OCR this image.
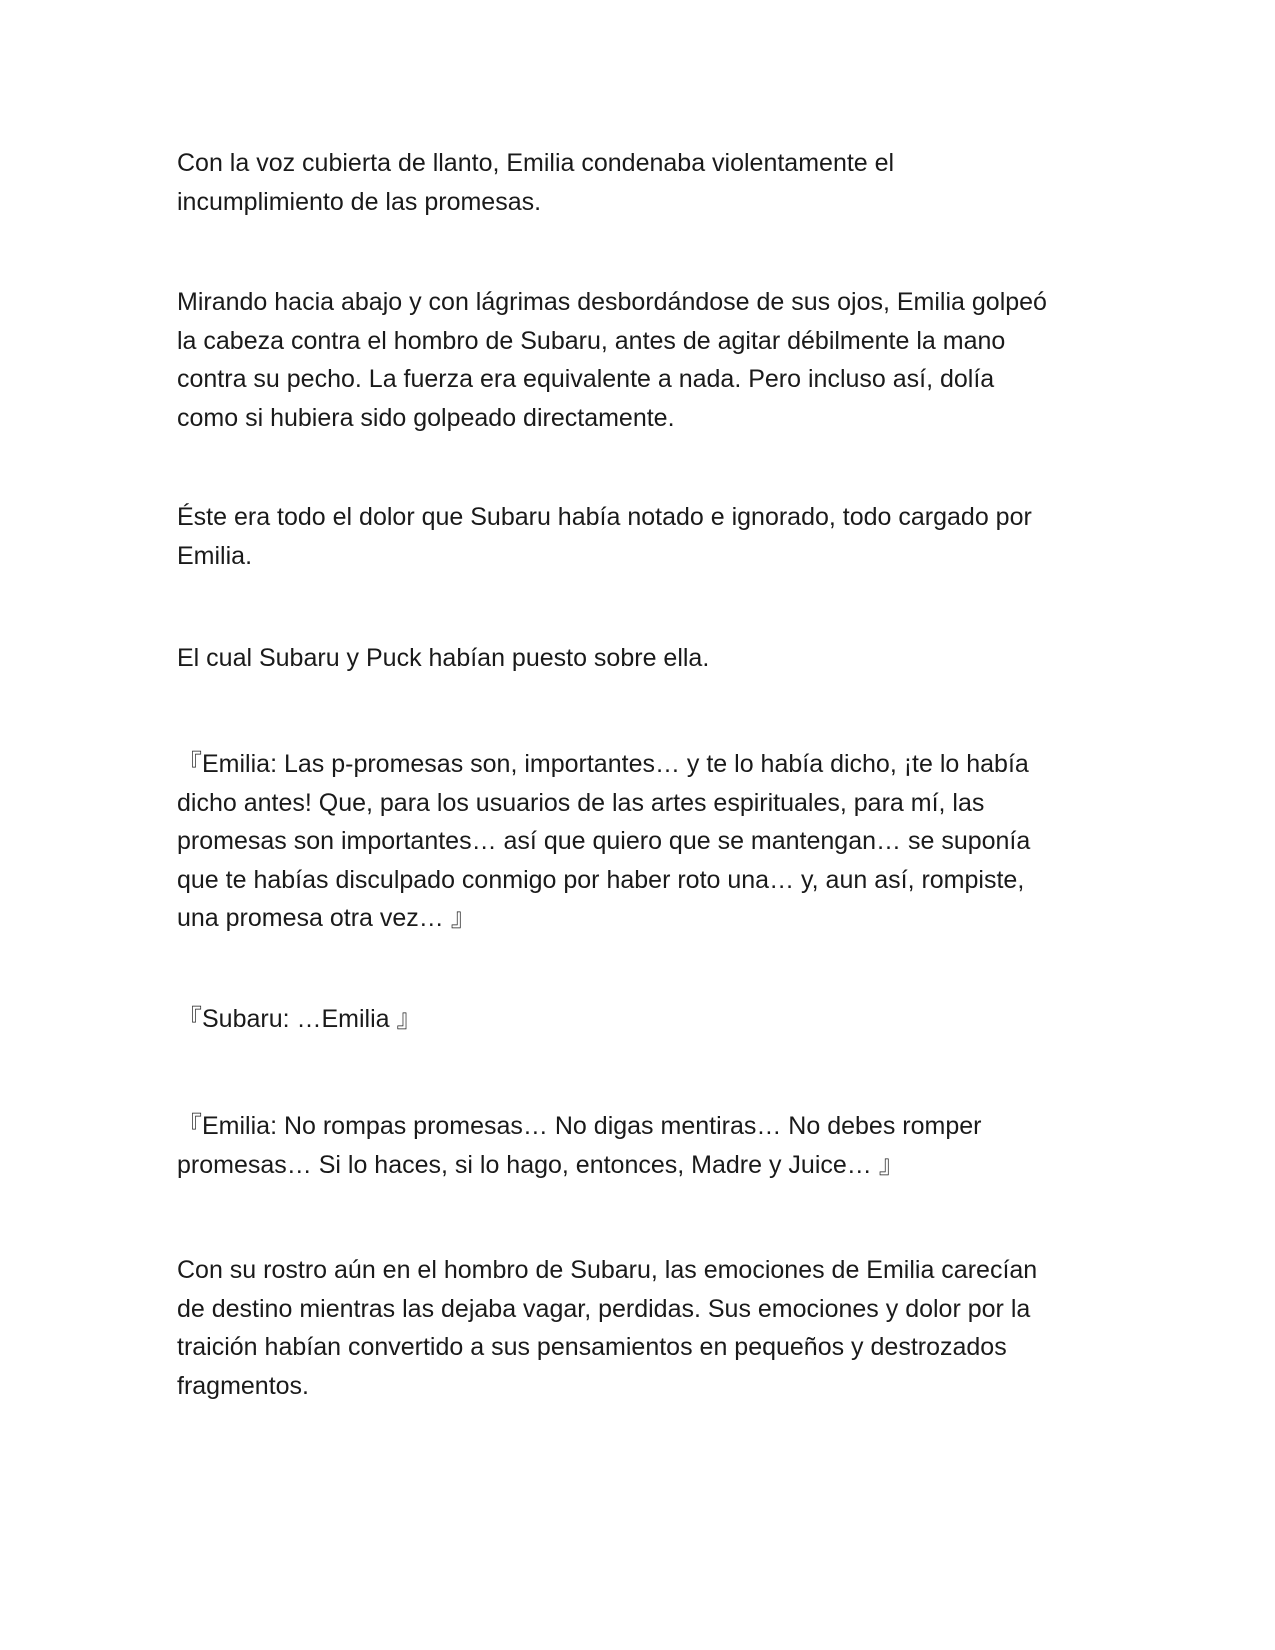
Con la voz cubierta de llanto, Emilia condenaba violentamente el
incumplimiento de las promesas.

Mirando hacia abajo y con lágrimas desbordándose de sus ojos, Emilia golpeó
la cabeza contra el hombro de Subaru, antes de agitar débilmente la mano
contra su pecho. La fuerza era equivalente a nada. Pero incluso así, dolía
como si hubiera sido golpeado directamente.

Éste era todo el dolor que Subaru había notado e ignorado, todo cargado por
Emilia.

El cual Subaru y Puck habían puesto sobre ella.

『Emilia: Las p-promesas son, importantes… y te lo había dicho, ¡te lo había
dicho antes! Que, para los usuarios de las artes espirituales, para mí, las
promesas son importantes… así que quiero que se mantengan… se suponía
que te habías disculpado conmigo por haber roto una… y, aun así, rompiste,
una promesa otra vez… 』

『Subaru: …Emilia 』

『Emilia: No rompas promesas… No digas mentiras… No debes romper
promesas… Si lo haces, si lo hago, entonces, Madre y Juice… 』

Con su rostro aún en el hombro de Subaru, las emociones de Emilia carecían
de destino mientras las dejaba vagar, perdidas. Sus emociones y dolor por la
traición habían convertido a sus pensamientos en pequeños y destrozados
fragmentos.
